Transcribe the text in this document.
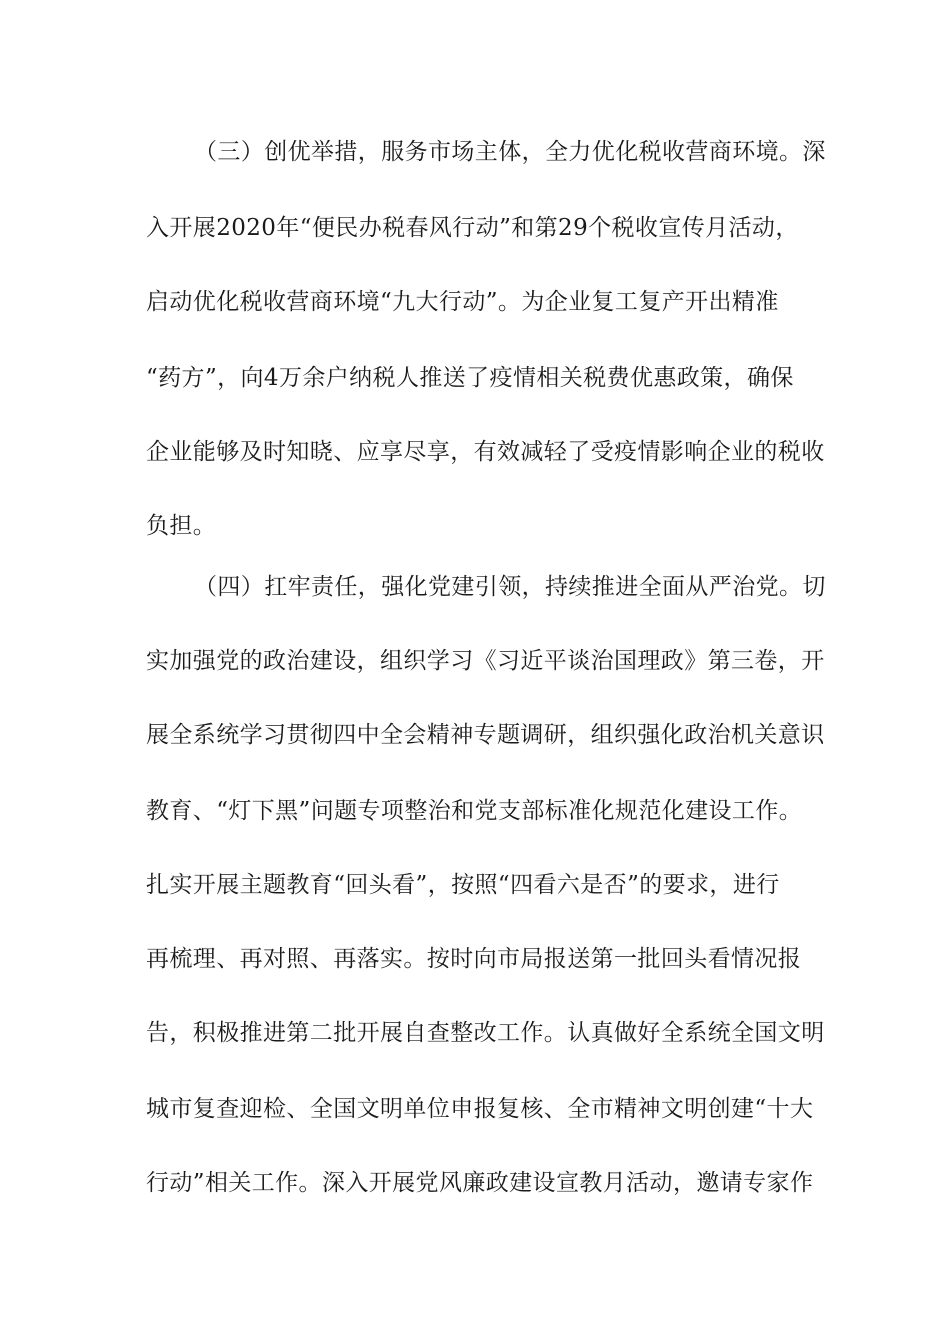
（三）创优举措，服务市场主体，全力优化税收营商环境。深
入开展2020年“便民办税春风行动”和第29个税收宣传月活动，
启动优化税收营商环境“九大行动”。为企业复工复产开出精准
“药方”，向4万余户纳税人推送了疫情相关税费优惠政策，确保
企业能够及时知晓、应享尽享，有效减轻了受疫情影响企业的税收
负担。
（四）扛牢责任，强化党建引领，持续推进全面从严治党。切
实加强党的政治建设，组织学习《习近平谈治国理政》第三卷，开
展全系统学习贯彻四中全会精神专题调研，组织强化政治机关意识
教育、“灯下黑”问题专项整治和党支部标准化规范化建设工作。
扎实开展主题教育“回头看”，按照“四看六是否”的要求，进行
再梳理、再对照、再落实。按时向市局报送第一批回头看情况报
告，积极推进第二批开展自查整改工作。认真做好全系统全国文明
城市复查迎检、全国文明单位申报复核、全市精神文明创建“十大
行动”相关工作。深入开展党风廉政建设宣教月活动，邀请专家作
